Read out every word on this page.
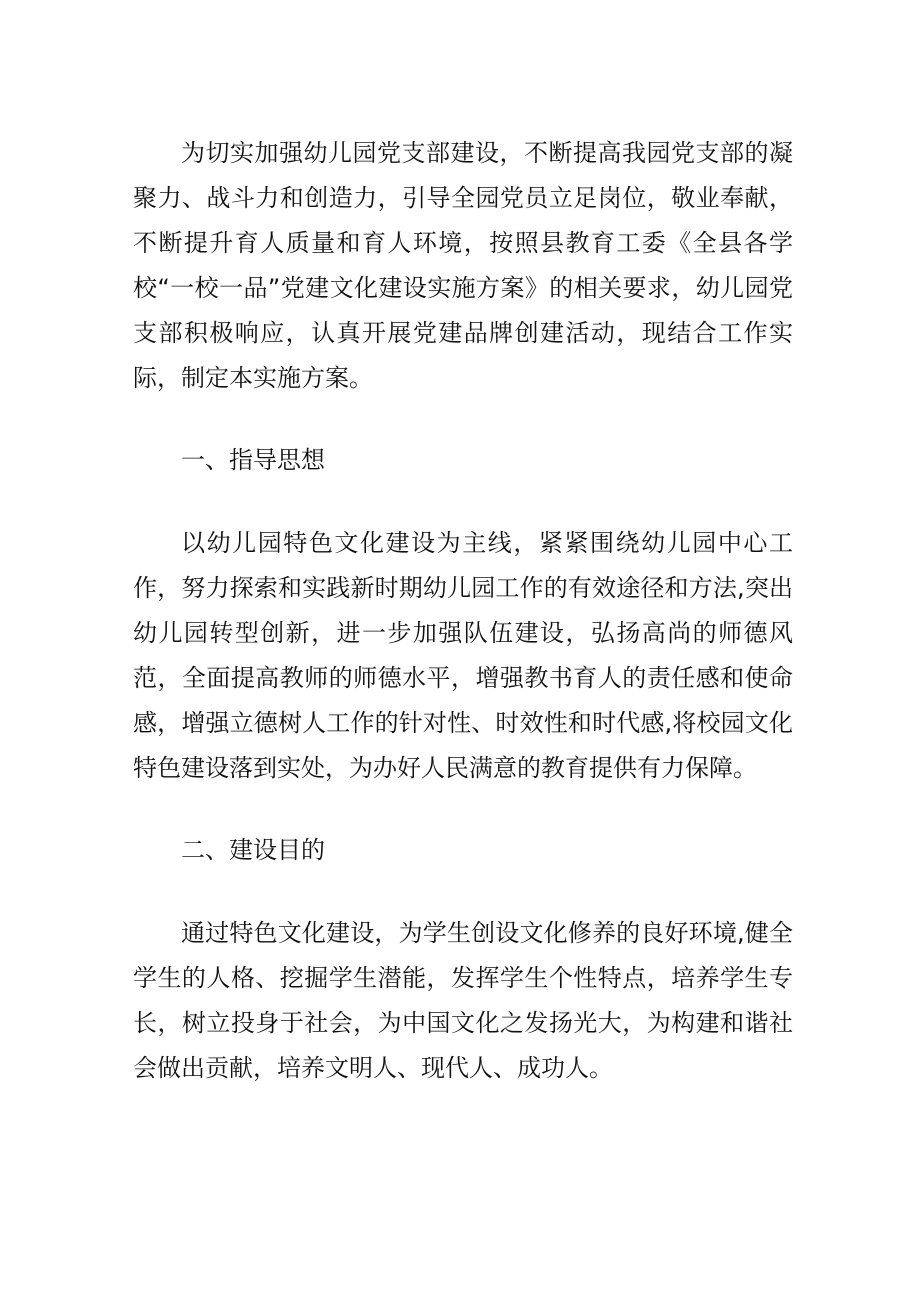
为切实加强幼儿园党支部建设，不断提高我园党支部的凝聚力、战斗力和创造力，引导全园党员立足岗位，敬业奉献，不断提升育人质量和育人环境，按照县教育工委《全县各学校“一校一品”党建文化建设实施方案》的相关要求，幼儿园党支部积极响应，认真开展党建品牌创建活动，现结合工作实际，制定本实施方案。

一、指导思想

以幼儿园特色文化建设为主线，紧紧围绕幼儿园中心工作，努力探索和实践新时期幼儿园工作的有效途径和方法,突出幼儿园转型创新，进一步加强队伍建设，弘扬高尚的师德风范，全面提高教师的师德水平，增强教书育人的责任感和使命感，增强立德树人工作的针对性、时效性和时代感,将校园文化特色建设落到实处，为办好人民满意的教育提供有力保障。

二、建设目的

通过特色文化建设，为学生创设文化修养的良好环境,健全学生的人格、挖掘学生潜能，发挥学生个性特点，培养学生专长，树立投身于社会，为中国文化之发扬光大，为构建和谐社会做出贡献，培养文明人、现代人、成功人。
